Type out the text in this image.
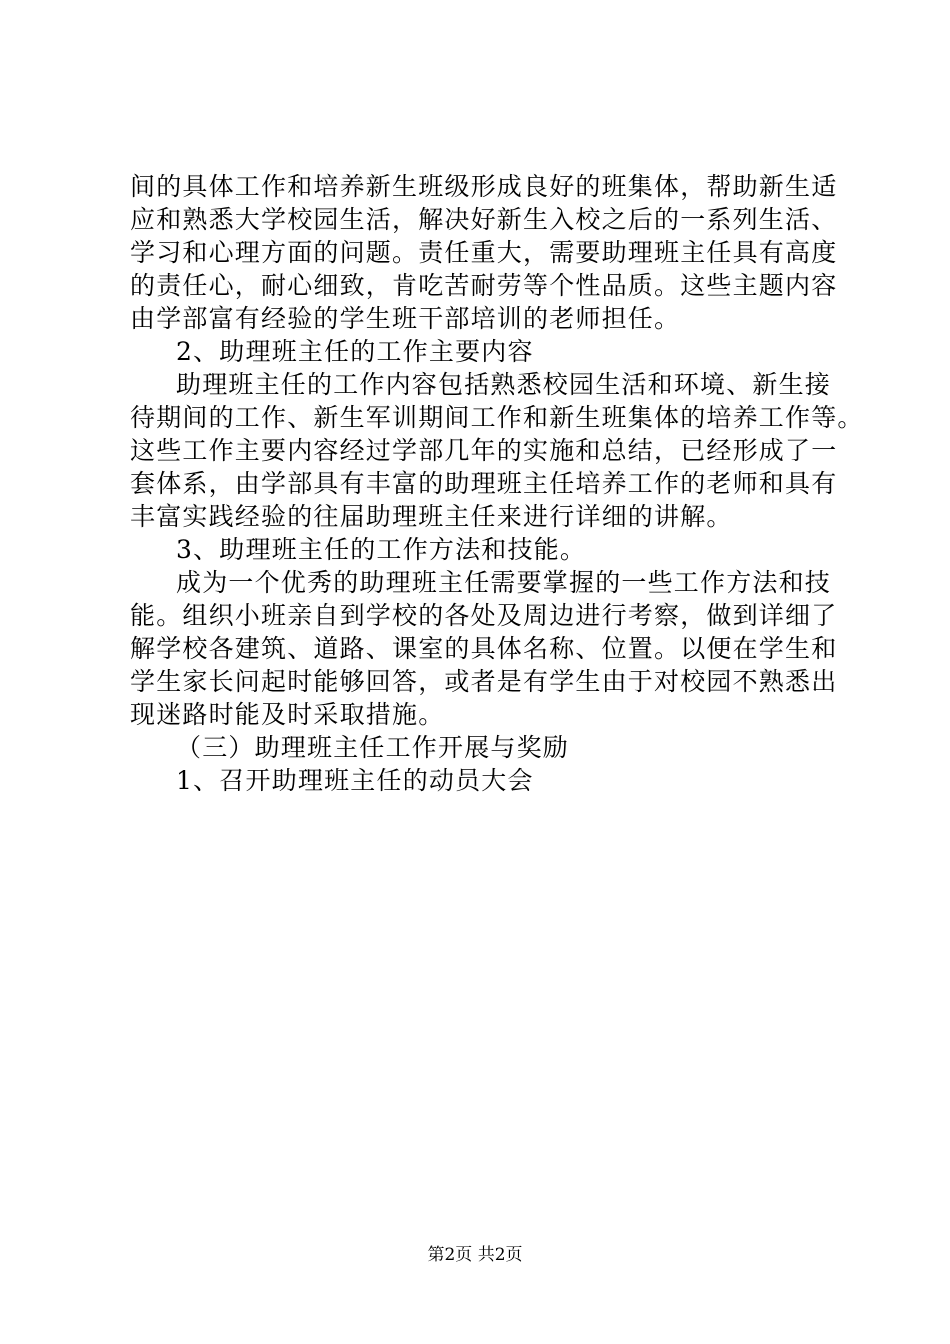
间的具体工作和培养新生班级形成良好的班集体，帮助新生适

应和熟悉大学校园生活，解决好新生入校之后的一系列生活、

学习和心理方面的问题。责任重大，需要助理班主任具有高度

的责任心，耐心细致，肯吃苦耐劳等个性品质。这些主题内容

由学部富有经验的学生班干部培训的老师担任。

2、助理班主任的工作主要内容

助理班主任的工作内容包括熟悉校园生活和环境、新生接

待期间的工作、新生军训期间工作和新生班集体的培养工作等。

这些工作主要内容经过学部几年的实施和总结，已经形成了一

套体系，由学部具有丰富的助理班主任培养工作的老师和具有

丰富实践经验的往届助理班主任来进行详细的讲解。

3、助理班主任的工作方法和技能。

成为一个优秀的助理班主任需要掌握的一些工作方法和技

能。组织小班亲自到学校的各处及周边进行考察，做到详细了

解学校各建筑、道路、课室的具体名称、位置。以便在学生和

学生家长问起时能够回答，或者是有学生由于对校园不熟悉出

现迷路时能及时采取措施。

（三）助理班主任工作开展与奖励

1、召开助理班主任的动员大会

第2页 共2页
